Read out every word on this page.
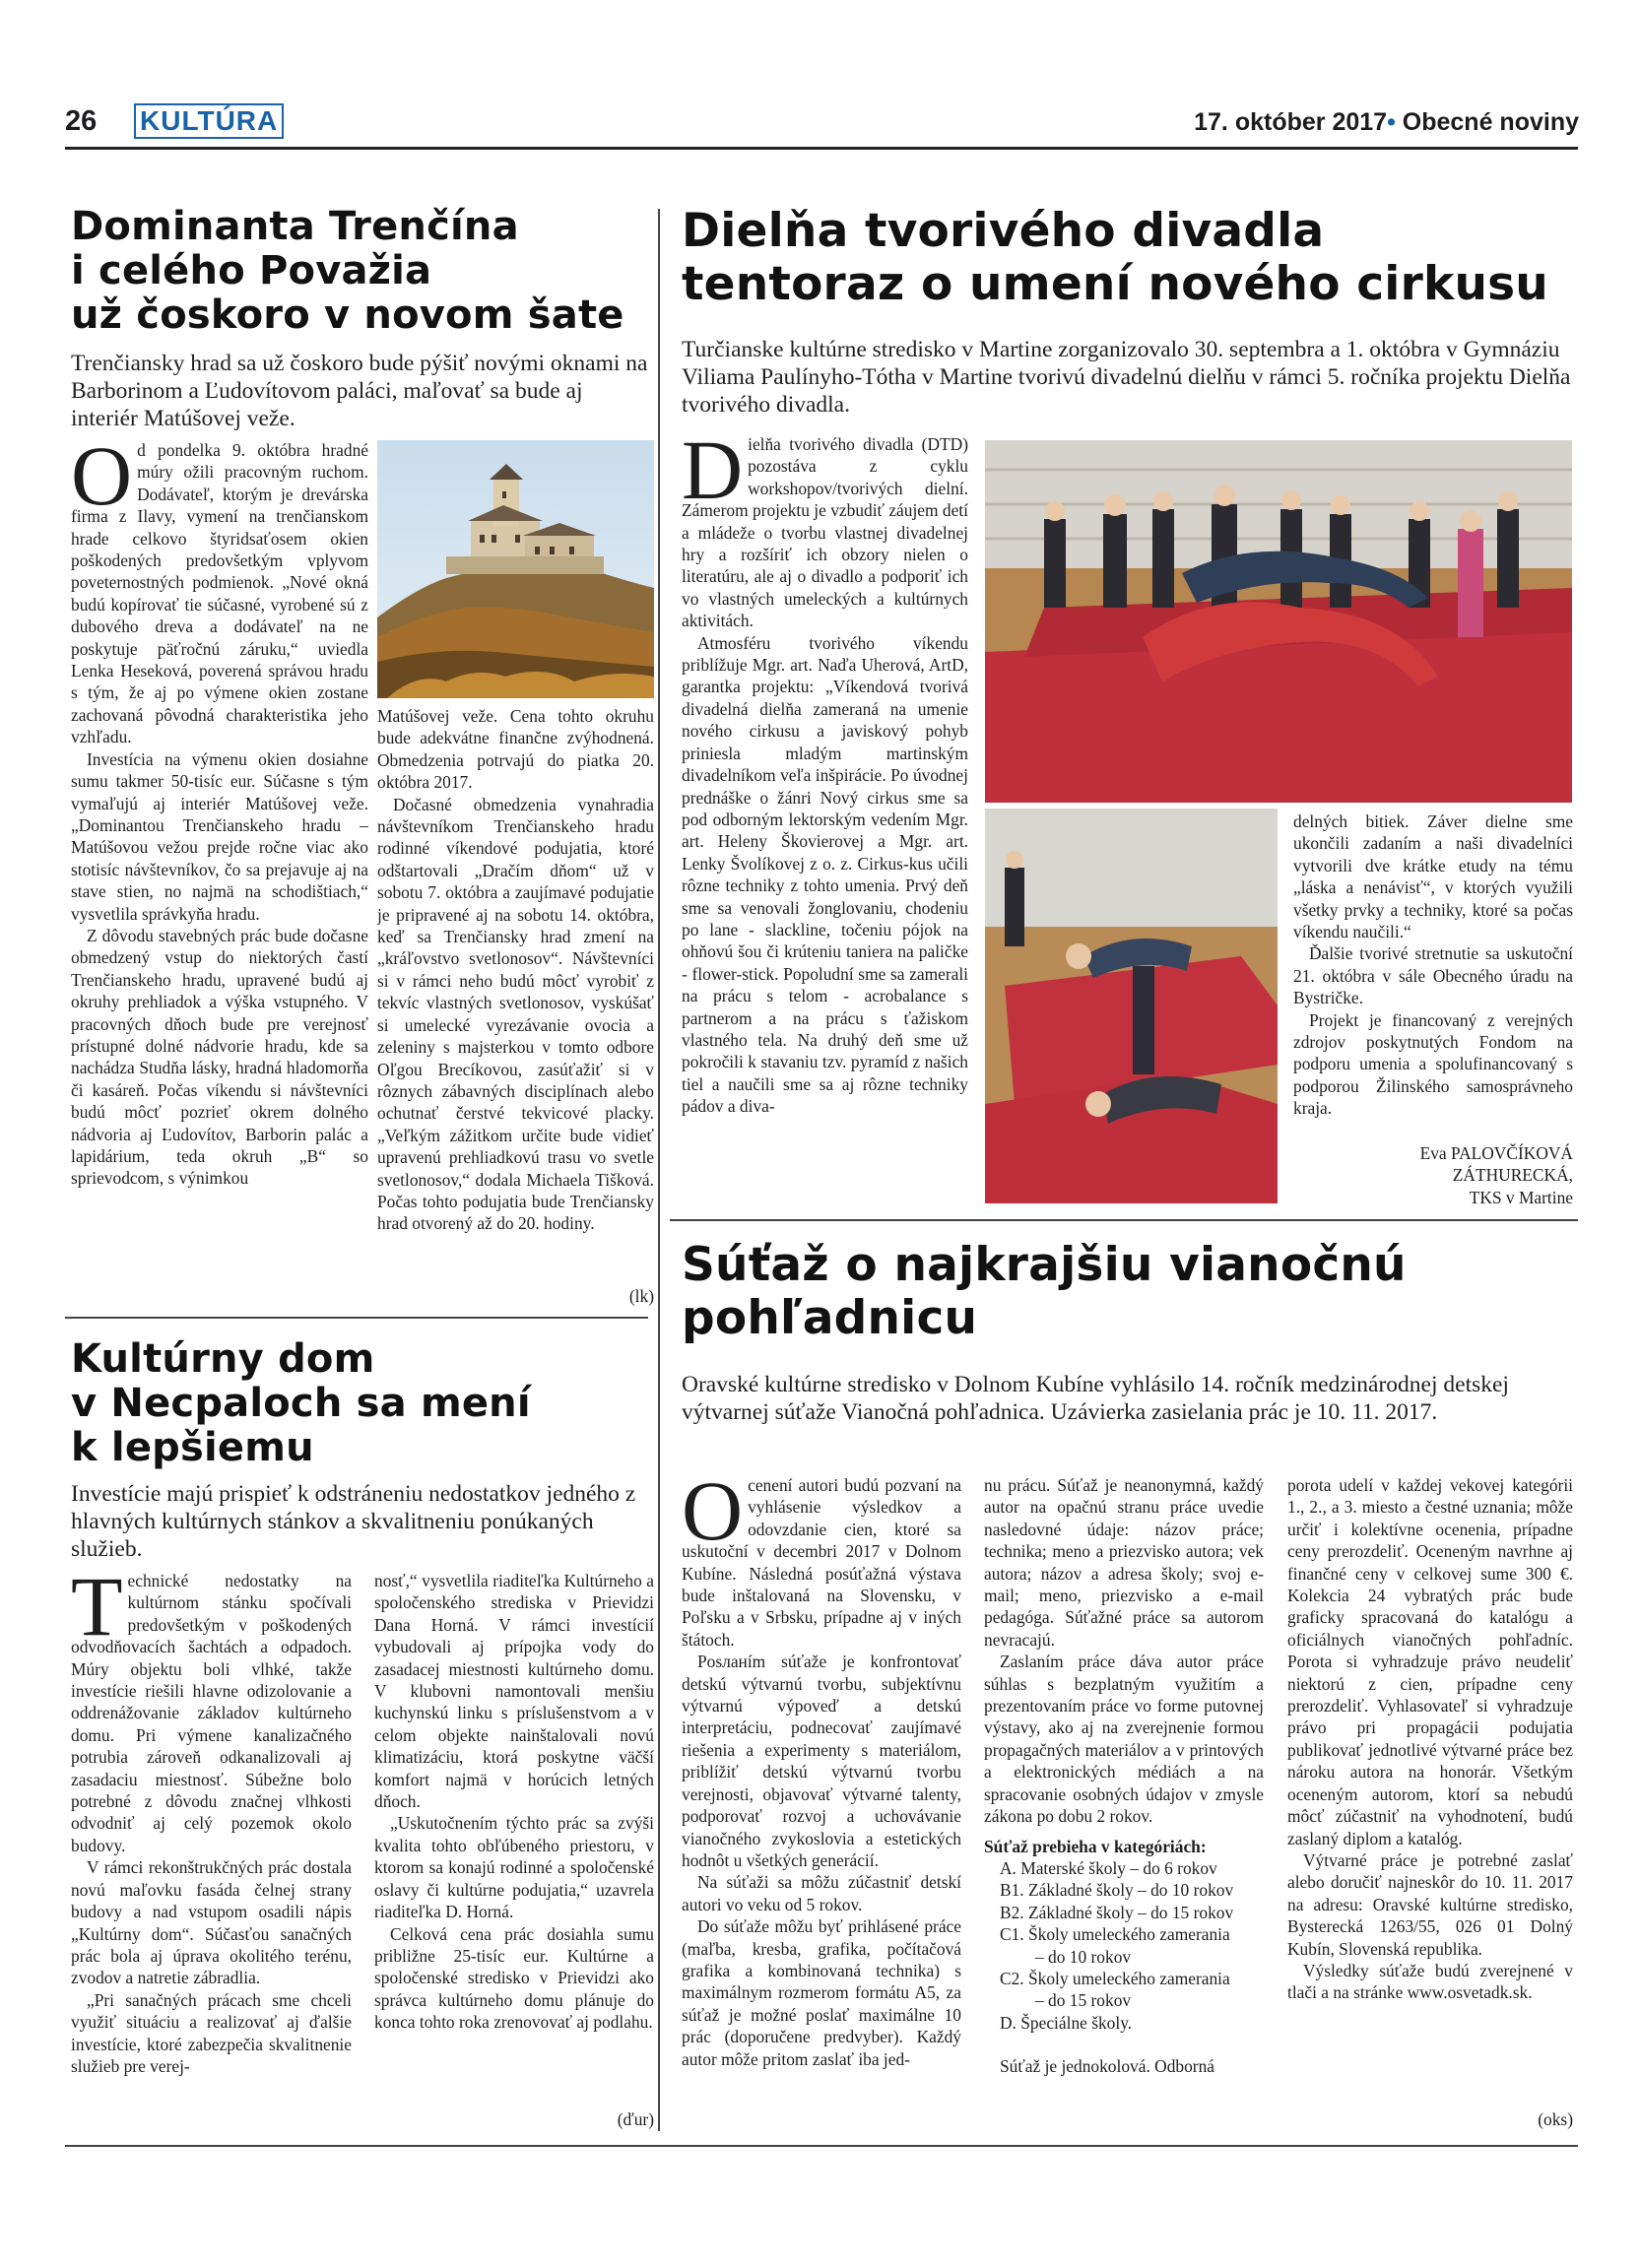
26 KULTÚRA	17. október 2017• Obecné noviny
Dominanta Trenčína
i celého Považia
už čoskoro v novom šate
Trenčiansky hrad sa už čoskoro bude pýšiť novými oknami na Barborinom a Ľudovítovom paláci, maľovať sa bude aj interiér Matúšovej veže.

Od pondelka 9. októbra hradné múry ožili pracovným ruchom. Dodávateľ, ktorým je drevárska firma z Ilavy, vymení na trenčianskom hrade celkovo štyridsaťosem okien poškodených predovšetkým vplyvom poveternostných podmienok. „Nové okná budú kopírovať tie súčasné, vyrobené sú z dubového dreva a dodávateľ na ne poskytuje päťročnú záruku,“ uviedla Lenka Heseková, poverená správou hradu s tým, že aj po výmene okien zostane zachovaná pôvodná charakteristika jeho vzhľadu.

Investícia na výmenu okien dosiahne sumu takmer 50-tisíc eur. Súčasne s tým vymaľujú aj interiér Matúšovej veže. „Dominantou Trenčianskeho hradu – Matúšovou vežou prejde ročne viac ako stotisíc návštevníkov, čo sa prejavuje aj na stave stien, no najmä na schodištiach,“ vysvetlila správkyňa hradu.

Z dôvodu stavebných prác bude dočasne obmedzený vstup do niektorých častí Trenčianskeho hradu, upravené budú aj okruhy prehliadok a výška vstupného. V pracovných dňoch bude pre verejnosť prístupné dolné nádvorie hradu, kde sa nachádza Studňa lásky, hradná hladomorňa či kasáreň. Počas víkendu si návštevníci budú môcť pozrieť okrem dolného nádvoria aj Ľudovítov, Barborin palác a lapidárium, teda okruh „B“ so sprievodcom, s výnimkou

Matúšovej veže. Cena tohto okruhu bude adekvátne finančne zvýhodnená. Obmedzenia potrvajú do piatka 20. októbra 2017.

Dočasné obmedzenia vynahradia návštevníkom Trenčianskeho hradu rodinné víkendové podujatia, ktoré odštartovali „Dračím dňom“ už v sobotu 7. októbra a zaujímavé podujatie je pripravené aj na sobotu 14. októbra, keď sa Trenčiansky hrad zmení na „kráľovstvo svetlonosov“. Návštevníci si v rámci neho budú môcť vyrobiť z tekvíc vlastných svetlonosov, vyskúšať si umelecké vyrezávanie ovocia a zeleniny s majsterkou v tomto odbore Oľgou Brecíkovou, zasúťažiť si v rôznych zábavných disciplínach alebo ochutnať čerstvé tekvicové placky. „Veľkým zážitkom určite bude vidieť upravenú prehliadkovú trasu vo svetle svetlonosov,“ dodala Michaela Tišková. Počas tohto podujatia bude Trenčiansky hrad otvorený až do 20. hodiny.

(lk)
Kultúrny dom
v Necpaloch sa mení
k lepšiemu
Investície majú prispieť k odstráneniu nedostatkov jedného z hlavných kultúrnych stánkov a skvalitneniu ponúkaných služieb.

Technické nedostatky na kultúrnom stánku spočívali predovšetkým v poškodených odvodňovacích šachtách a odpadoch. Múry objektu boli vlhké, takže investície riešili hlavne odizolovanie a oddrenážovanie základov kultúrneho domu. Pri výmene kanalizačného potrubia zároveň odkanalizovali aj zasadaciu miestnosť. Súbežne bolo potrebné z dôvodu značnej vlhkosti odvodniť aj celý pozemok okolo budovy.

V rámci rekonštrukčných prác dostala novú maľovku fasáda čelnej strany budovy a nad vstupom osadili nápis „Kultúrny dom“. Súčasťou sanačných prác bola aj úprava okolitého terénu, zvodov a natretie zábradlia.

„Pri sanačných prácach sme chceli využiť situáciu a realizovať aj ďalšie investície, ktoré zabezpečia skvalitnenie služieb pre verej-

nosť,“ vysvetlila riaditeľka Kultúrneho a spoločenského strediska v Prievidzi Dana Horná. V rámci investícií vybudovali aj prípojka vody do zasadacej miestnosti kultúrneho domu. V klubovni namontovali menšiu kuchynskú linku s príslušenstvom a v celom objekte nainštalovali novú klimatizáciu, ktorá poskytne väčší komfort najmä v horúcich letných dňoch.

„Uskutočnením týchto prác sa zvýši kvalita tohto obľúbeného priestoru, v ktorom sa konajú rodinné a spoločenské oslavy či kultúrne podujatia,“ uzavrela riaditeľka D. Horná.

Celková cena prác dosiahla sumu približne 25-tisíc eur. Kultúrne a spoločenské stredisko v Prievidzi ako správca kultúrneho domu plánuje do konca tohto roka zrenovovať aj podlahu.

(ďur)
Dielňa tvorivého divadla
tentoraz o umení nového cirkusu
Turčianske kultúrne stredisko v Martine zorganizovalo 30. septembra a 1. októbra v Gymnáziu Viliama Paulínyho-Tótha v Martine tvorivú divadelnú dielňu v rámci 5. ročníka projektu Dielňa tvorivého divadla.

Dielňa tvorivého divadla (DTD) pozostáva z cyklu workshopov/tvorivých dielní. Zámerom projektu je vzbudiť záujem detí a mládeže o tvorbu vlastnej divadelnej hry a rozšíriť ich obzory nielen o literatúru, ale aj o divadlo a podporiť ich vo vlastných umeleckých a kultúrnych aktivitách.

Atmosféru tvorivého víkendu priblížuje Mgr. art. Naďa Uherová, ArtD, garantka projektu: „Víkendová tvorivá divadelná dielňa zameraná na umenie nového cirkusu a javiskový pohyb priniesla mladým martinským divadelníkom veľa inšpirácie. Po úvodnej prednáške o žánri Nový cirkus sme sa pod odborným lektorským vedením Mgr. art. Heleny Škovierovej a Mgr. art. Lenky Švolíkovej z o. z. Cirkus-kus učili rôzne techniky z tohto umenia. Prvý deň sme sa venovali žonglovaniu, chodeniu po lane - slackline, točeniu pójok na ohňovú šou či krúteniu taniera na paličke - flower-stick. Popoludní sme sa zamerali na prácu s telom - acrobalance s partnerom a na prácu s ťažiskom vlastného tela. Na druhý deň sme už pokročili k stavaniu tzv. pyramíd z našich tiel a naučili sme sa aj rôzne techniky pádov a diva-

delných bitiek. Záver dielne sme ukončili zadaním a naši divadelníci vytvorili dve krátke etudy na tému „láska a nenávisť“, v ktorých využili všetky prvky a techniky, ktoré sa počas víkendu naučili.“

Ďalšie tvorivé stretnutie sa uskutoční 21. októbra v sále Obecného úradu na Bystričke.

Projekt je financovaný z verejných zdrojov poskytnutých Fondom na podporu umenia a spolufinancovaný s podporou Žilinského samosprávneho kraja.

Eva PALOVČÍKOVÁ
ZÁTHURECKÁ,
TKS v Martine
Súťaž o najkrajšiu vianočnú
pohľadnicu
Oravské kultúrne stredisko v Dolnom Kubíne vyhlásilo 14. ročník medzinárodnej detskej výtvarnej súťaže Vianočná pohľadnica. Uzávierka zasielania prác je 10. 11. 2017.

Ocenení autori budú pozvaní na vyhlásenie výsledkov a odovzdanie cien, ktoré sa uskutoční v decembri 2017 v Dolnom Kubíne. Následná posúťažná výstava bude inštalovaná na Slovensku, v Poľsku a v Srbsku, prípadne aj v iných štátoch.

Posланím súťaže je konfrontovať detskú výtvarnú tvorbu, subjektívnu výtvarnú výpoveď a detskú interpretáciu, podnecovať zaujímavé riešenia a experimenty s materiálom, priblížiť detskú výtvarnú tvorbu verejnosti, objavovať výtvarné talenty, podporovať rozvoj a uchovávanie vianočného zvykoslovia a estetických hodnôt u všetkých generácií.

Na súťaži sa môžu zúčastniť detskí autori vo veku od 5 rokov.

Do súťaže môžu byť prihlásené práce (maľba, kresba, grafika, počítačová grafika a kombinovaná technika) s maximálnym rozmerom formátu A5, za súťaž je možné poslať maximálne 10 prác (doporučene predvyber). Každý autor môže pritom zaslať iba jed-

nu prácu. Súťaž je neanonymná, každý autor na opačnú stranu práce uvedie nasledovné údaje: názov práce; technika; meno a priezvisko autora; vek autora; názov a adresa školy; svoj e-mail; meno, priezvisko a e-mail pedagóga. Súťažné práce sa autorom nevracajú.

Zaslaním práce dáva autor práce súhlas s bezplatným využitím a prezentovaním práce vo forme putovnej výstavy, ako aj na zverejnenie formou propagačných materiálov a v printových a elektronických médiách a na spracovanie osobných údajov v zmysle zákona po dobu 2 rokov.

Súťaž prebieha v kategóriách:

A. Materské školy – do 6 rokov

B1. Základné školy – do 10 rokov

B2. Základné školy – do 15 rokov

C1. Školy umeleckého zamerania

– do 10 rokov

C2. Školy umeleckého zamerania

– do 15 rokov

D. Špeciálne školy.

Súťaž je jednokolová. Odborná

porota udelí v každej vekovej kategórii 1., 2., a 3. miesto a čestné uznania; môže určiť i kolektívne ocenenia, prípadne ceny prerozdeliť. Oceneným navrhne aj finančné ceny v celkovej sume 300 €. Kolekcia 24 vybratých prác bude graficky spracovaná do katalógu a oficiálnych vianočných pohľadníc. Porota si vyhradzuje právo neudeliť niektorú z cien, prípadne ceny prerozdeliť. Vyhlasovateľ si vyhradzuje právo pri propagácii podujatia publikovať jednotlivé výtvarné práce bez nároku autora na honorár. Všetkým oceneným autorom, ktorí sa nebudú môcť zúčastniť na vyhodnotení, budú zaslaný diplom a katalóg.

Výtvarné práce je potrebné zaslať alebo doručiť najneskôr do 10. 11. 2017 na adresu: Oravské kultúrne stredisko, Bysterecká 1263/55, 026 01 Dolný Kubín, Slovenská republika.

Výsledky súťaže budú zverejnené v tlači a na stránke www.osvetadk.sk.

(oks)
